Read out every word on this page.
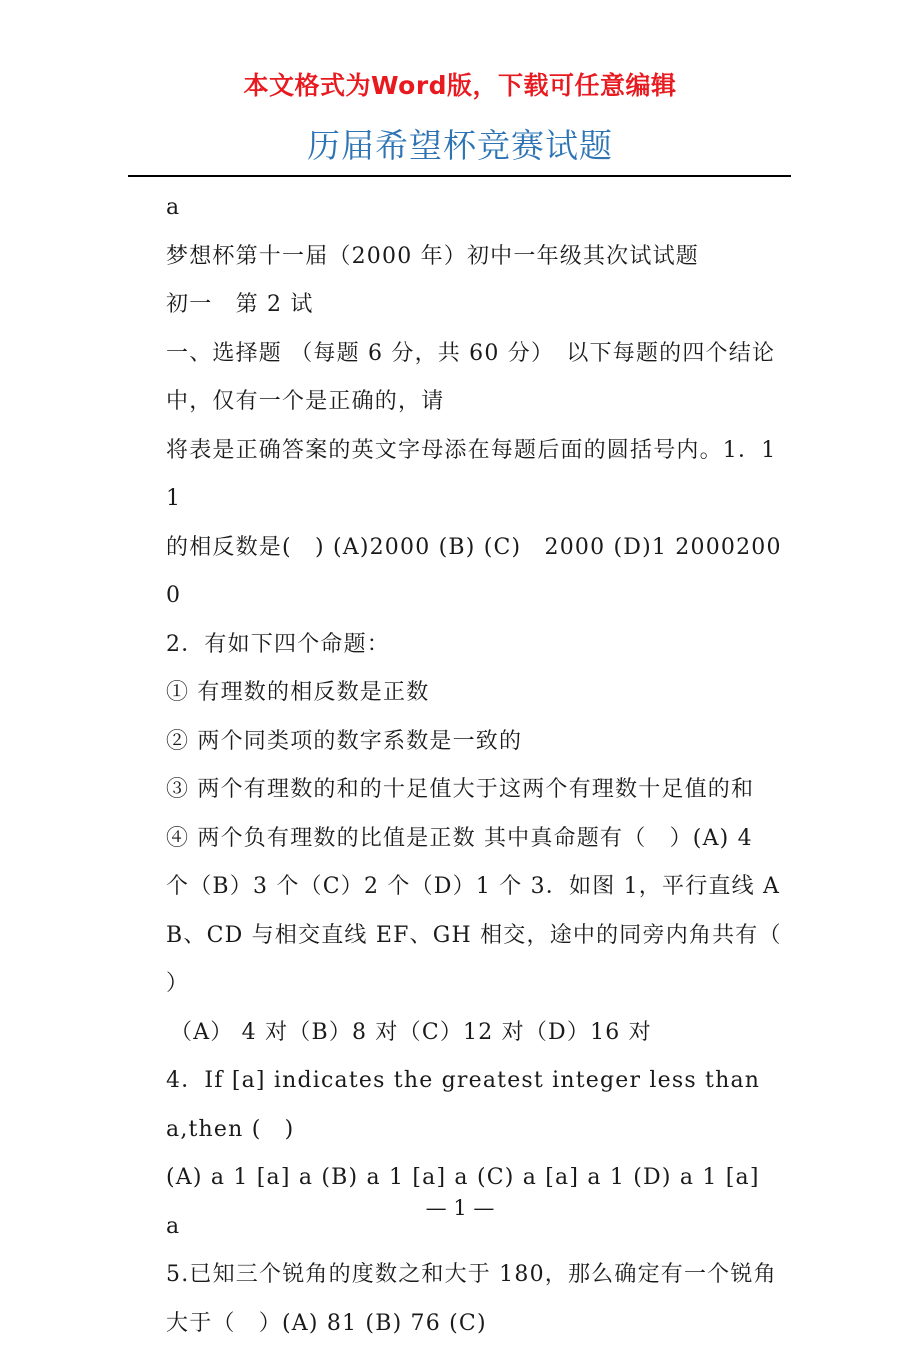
本文格式为Word版，下载可任意编辑
历届希望杯竞赛试题

a

梦想杯第十一届（2000 年）初中一年级其次试试题

初一　第 2 试

一、选择题 （每题 6 分，共 60 分）　以下每题的四个结论中，仅有一个是正确的，请

将表是正确答案的英文字母添在每题后面的圆括号内。1．11

的相反数是(　) (A)2000 (B) (C)　2000 (D)1 20002000

2．有如下四个命题：

① 有理数的相反数是正数

② 两个同类项的数字系数是一致的

③ 两个有理数的和的十足值大于这两个有理数十足值的和 ④ 两个负有理数的比值是正数 其中真命题有（　）(A) 4 个（B）3 个（C）2 个（D）1 个 3．如图 1，平行直线 AB、CD 与相交直线 EF、GH 相交，途中的同旁内角共有（ ）

（A） 4 对（B）8 对（C）12 对（D）16 对

4．If [a] indicates the greatest integer less than a,then (　)

(A) a 1 [a] a (B) a 1 [a] a (C) a [a] a 1 (D) a 1 [a] a

5.已知三个锐角的度数之和大于 180，那么确定有一个锐角大于（　）(A) 81 (B) 76 (C)

— 1 —
